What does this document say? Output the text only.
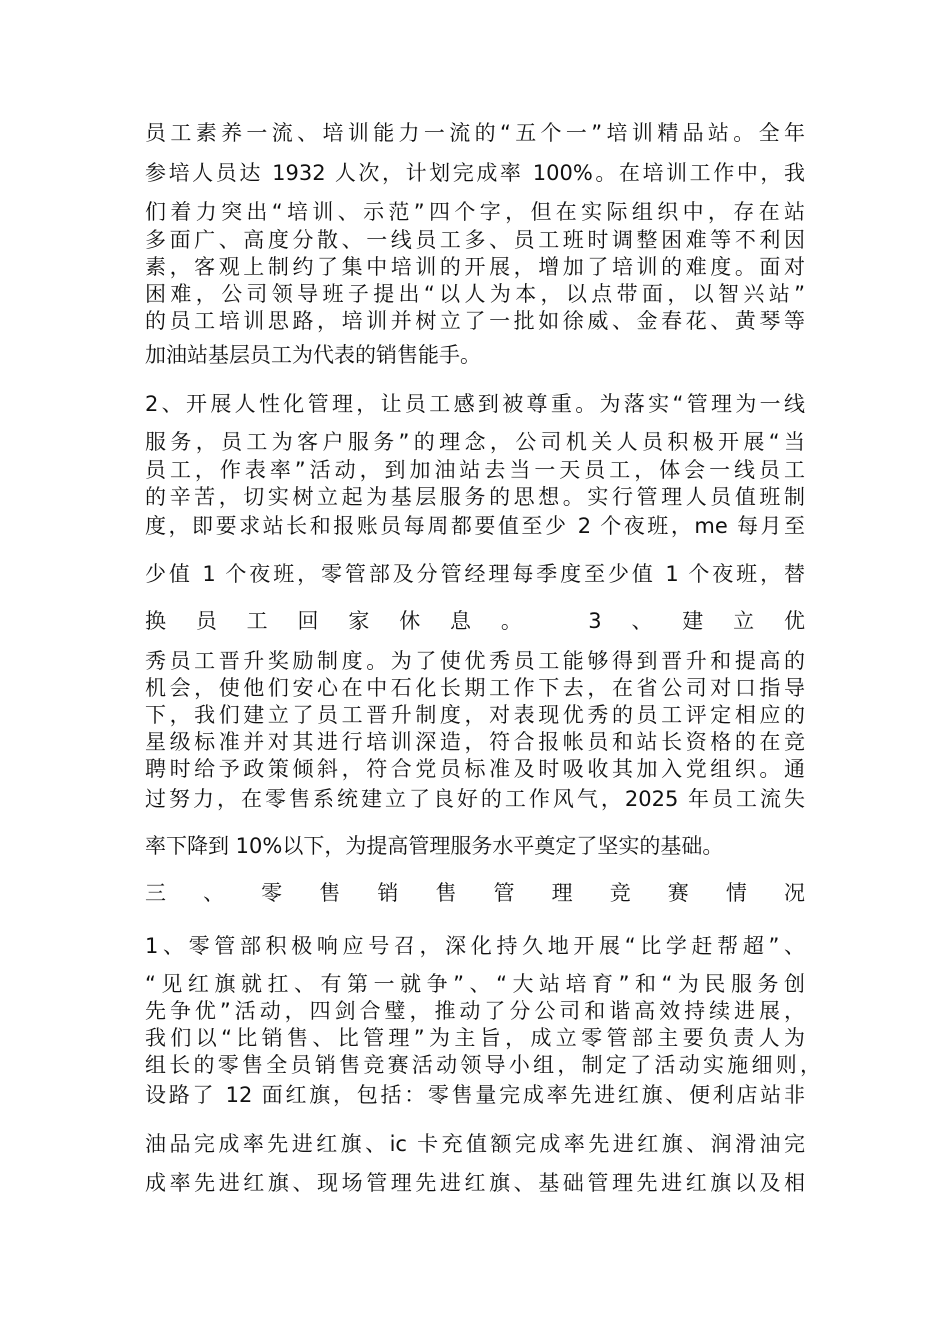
员工素养一流、培训能力一流的“五个一”培训精品站。全年
参培人员达 1932 人次，计划完成率 100%。在培训工作中，我
们着力突出“培训、示范”四个字，但在实际组织中，存在站
多面广、高度分散、一线员工多、员工班时调整困难等不利因
素，客观上制约了集中培训的开展，增加了培训的难度。面对
困难，公司领导班子提出“以人为本，以点带面，以智兴站”
的员工培训思路，培训并树立了一批如徐威、金春花、黄琴等
加油站基层员工为代表的销售能手。
2、开展人性化管理，让员工感到被尊重。为落实“管理为一线
服务，员工为客户服务”的理念，公司机关人员积极开展“当
员工，作表率”活动，到加油站去当一天员工，体会一线员工
的辛苦，切实树立起为基层服务的思想。实行管理人员值班制
度，即要求站长和报账员每周都要值至少 2 个夜班，me 每月至
少值 1 个夜班，零管部及分管经理每季度至少值 1 个夜班，替
换员工回家休息。 3、建立优
秀员工晋升奖励制度。为了使优秀员工能够得到晋升和提高的
机会，使他们安心在中石化长期工作下去，在省公司对口指导
下，我们建立了员工晋升制度，对表现优秀的员工评定相应的
星级标准并对其进行培训深造，符合报帐员和站长资格的在竞
聘时给予政策倾斜，符合党员标准及时吸收其加入党组织。通
过努力，在零售系统建立了良好的工作风气，2025 年员工流失
率下降到 10%以下，为提高管理服务水平奠定了坚实的基础。
三 、 零 售 销 售 管 理 竞 赛 情 况
1、零管部积极响应号召，深化持久地开展“比学赶帮超”、
“见红旗就扛、有第一就争”、“大站培育”和“为民服务创
先争优”活动，四剑合璧，推动了分公司和谐高效持续进展，
我们以“比销售、比管理”为主旨，成立零管部主要负责人为
组长的零售全员销售竞赛活动领导小组，制定了活动实施细则，
设路了 12 面红旗，包括：零售量完成率先进红旗、便利店站非
油品完成率先进红旗、ic 卡充值额完成率先进红旗、润滑油完
成率先进红旗、现场管理先进红旗、基础管理先进红旗以及相
